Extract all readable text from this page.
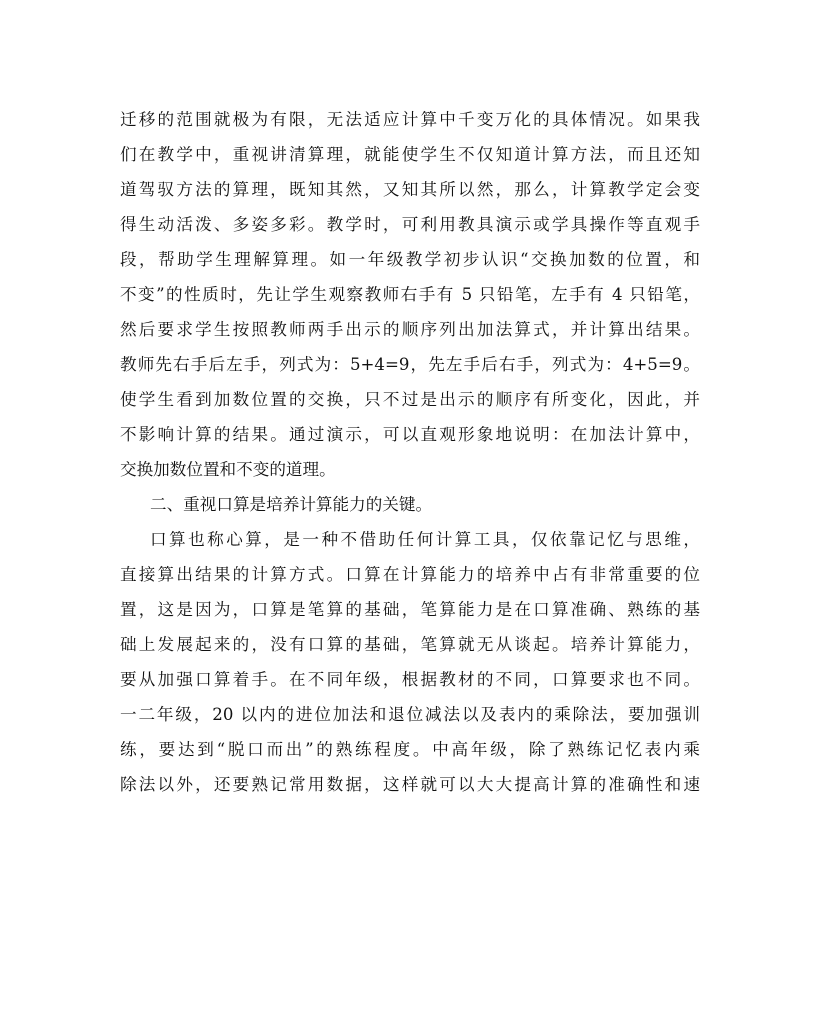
迁移的范围就极为有限，无法适应计算中千变万化的具体情况。如果我
们在教学中，重视讲清算理，就能使学生不仅知道计算方法，而且还知
道驾驭方法的算理，既知其然，又知其所以然，那么，计算教学定会变
得生动活泼、多姿多彩。教学时，可利用教具演示或学具操作等直观手
段，帮助学生理解算理。如一年级教学初步认识“交换加数的位置，和
不变”的性质时，先让学生观察教师右手有 5 只铅笔，左手有 4 只铅笔，
然后要求学生按照教师两手出示的顺序列出加法算式，并计算出结果。
教师先右手后左手，列式为：5+4=9，先左手后右手，列式为：4+5=9。
使学生看到加数位置的交换，只不过是出示的顺序有所变化，因此，并
不影响计算的结果。通过演示，可以直观形象地说明：在加法计算中，
交换加数位置和不变的道理。
二、重视口算是培养计算能力的关键。
口算也称心算，是一种不借助任何计算工具，仅依靠记忆与思维，
直接算出结果的计算方式。口算在计算能力的培养中占有非常重要的位
置，这是因为，口算是笔算的基础，笔算能力是在口算准确、熟练的基
础上发展起来的，没有口算的基础，笔算就无从谈起。培养计算能力，
要从加强口算着手。在不同年级，根据教材的不同，口算要求也不同。
一二年级，20 以内的进位加法和退位减法以及表内的乘除法，要加强训
练，要达到“脱口而出”的熟练程度。中高年级，除了熟练记忆表内乘
除法以外，还要熟记常用数据，这样就可以大大提高计算的准确性和速
